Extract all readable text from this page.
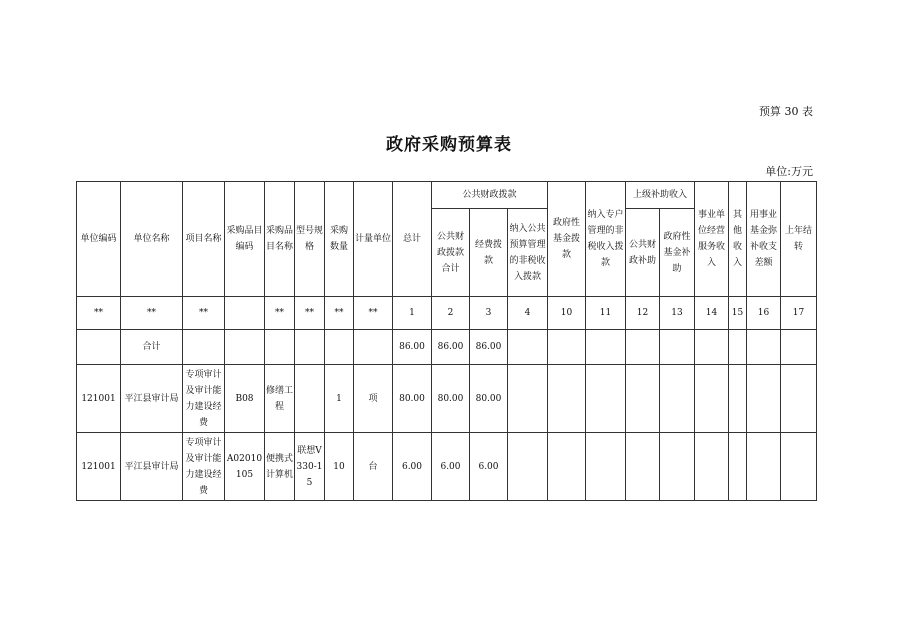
预算 30 表
政府采购预算表
单位:万元
单位编码	单位名称	项目名称	采购品目编码	采购品目名称	型号规格	采购数量	计量单位	总计	公共财政拨款			政府性基金拨款	纳入专户管理的非税收入拨款	上级补助收入		事业单位经营服务收入	其他收入	用事业基金弥补收支差额	上年结转
									公共财政拨款合计	经费拨款	纳入公共预算管理的非税收入拨款			公共财政补助	政府性基金补助				

**	**	**		**	**	**	**	1	2	3	4	10	11	12	13	14	15	16	17
	合计							86.00	86.00	86.00									
121001	平江县审计局	专项审计及审计能力建设经费	B08	修缮工程		1	项	80.00	80.00	80.00									
121001	平江县审计局	专项审计及审计能力建设经费	A02010105	便携式计算机	联想V330-15	10	台	6.00	6.00	6.00									
